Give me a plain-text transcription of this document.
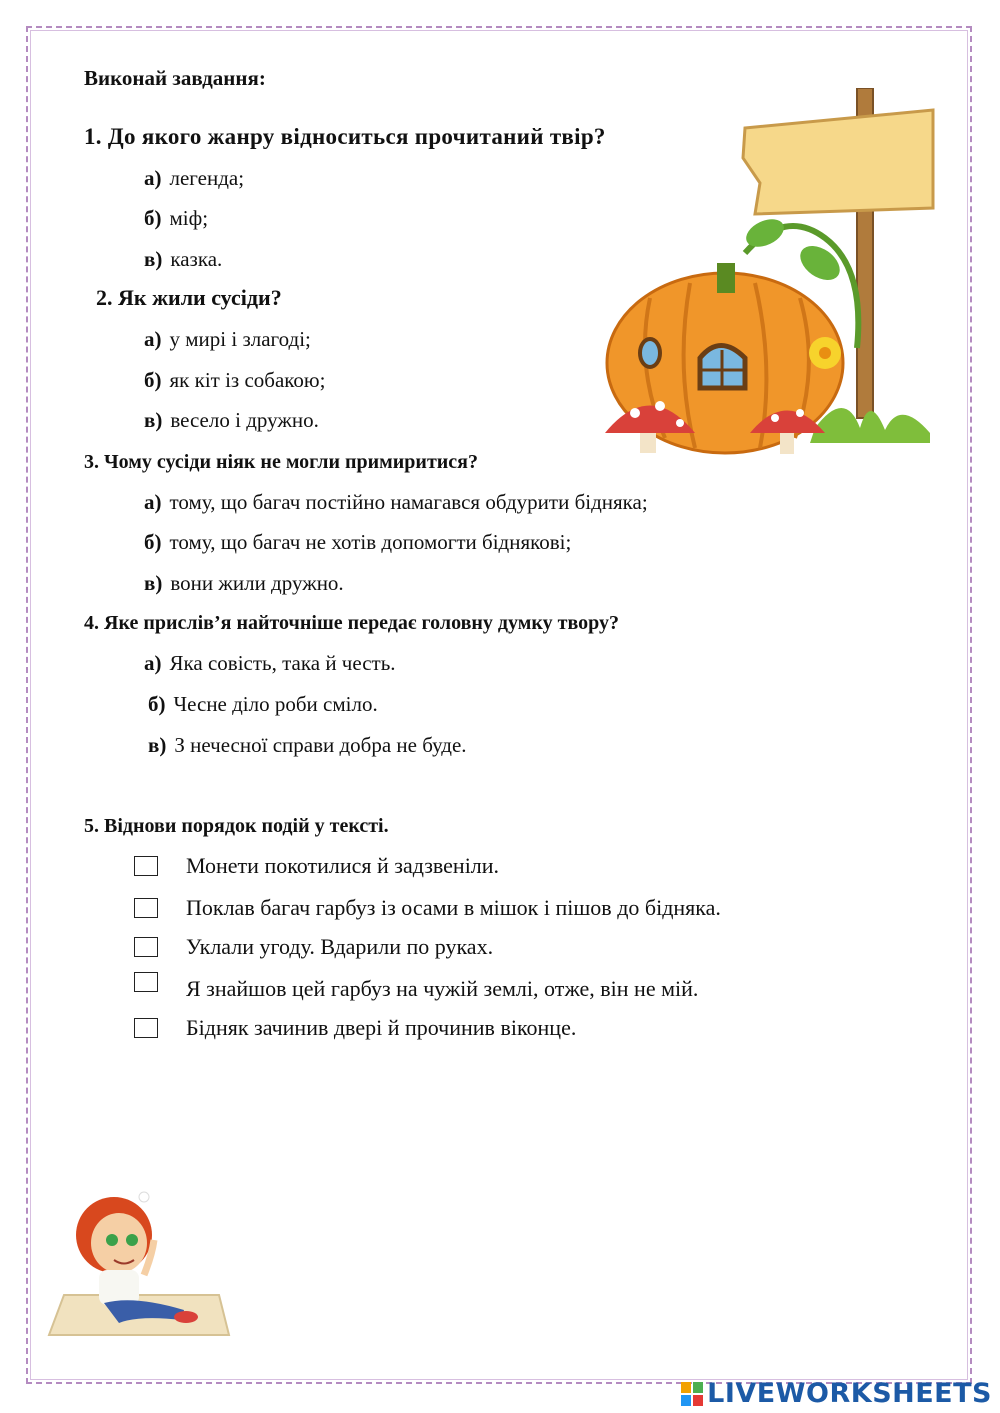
Виконай завдання:
1. До якого жанру відноситься прочитаний твір?
а) легенда;
б) міф;
в) казка.
2. Як жили сусіди?
а) у мирі і злагоді;
б) як кіт із собакою;
в) весело і дружно.
3. Чому сусіди ніяк не могли примиритися?
а) тому, що багач постійно намагався обдурити бідняка;
б) тому, що багач не хотів допомогти біднякові;
в) вони жили дружно.
4. Яке прислів’я найточніше передає головну думку твору?
а) Яка совість, така й честь.
б) Чесне діло роби сміло.
в) З нечесної справи добра не буде.
5. Віднови порядок подій у тексті.
Монети покотилися й задзвеніли.
Поклав багач гарбуз із осами в мішок і пішов до бідняка.
Уклали угоду. Вдарили по руках.
Я знайшов цей гарбуз на чужій землі, отже, він не мій.
Бідняк зачинив двері й прочинив віконце.
LIVEWORKSHEETS
